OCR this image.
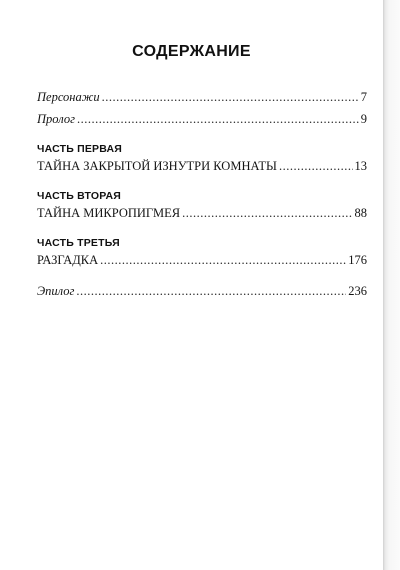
СОДЕРЖАНИЕ
Персонажи .....	7
Пролог .....	9
ЧАСТЬ ПЕРВАЯ
ТАЙНА ЗАКРЫТОЙ ИЗНУТРИ КОМНАТЫ .....	13
ЧАСТЬ ВТОРАЯ
ТАЙНА МИКРОПИГМЕЯ .....	88
ЧАСТЬ ТРЕТЬЯ
РАЗГАДКА .....	176
Эпилог .....	236
